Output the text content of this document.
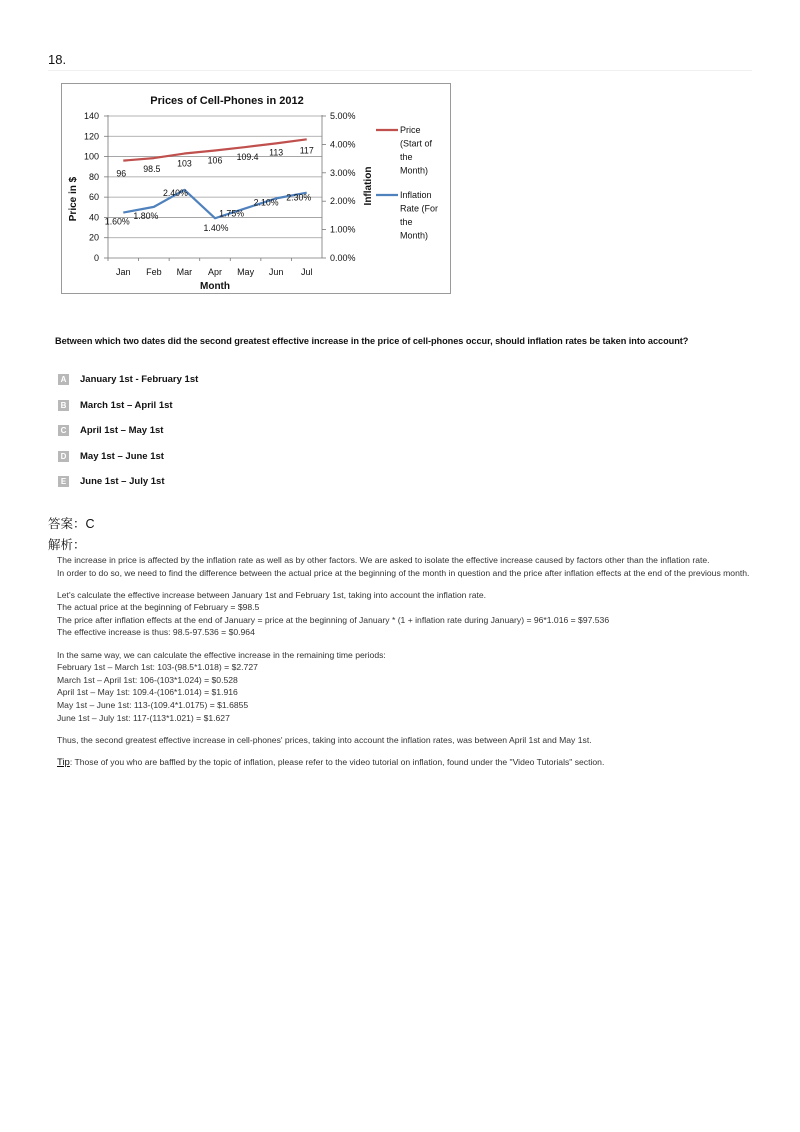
18.
Prices of Cell-Phones in 2012
0
20
40
60
80
100
120
140
0.00%
1.00%
2.00%
3.00%
4.00%
5.00%
Jan Feb Mar Apr May Jun Jul
Month
Price in $	Inflation
96 98.5
103 106 109.4 113 117
1.60%
1.80%
2.40%
1.40%
1.75%
2.10% 2.30%
Price
(Start of
the
Month)
Inflation
Rate (For
the
Month)
Between which two dates did the second greatest effective increase in the price of cell-phones occur, should inflation rates be taken into account?
A January 1st - February 1st
B March 1st – April 1st
C April 1st – May 1st
D May 1st – June 1st
E June 1st – July 1st
答案：C
解析：

The increase in price is affected by the inflation rate as well as by other factors. We are asked to isolate the effective increase caused by factors other than the inflation rate.
In order to do so, we need to find the difference between the actual price at the beginning of the month in question and the price after inflation effects at the end of the previous month.

Let's calculate the effective increase between January 1st and February 1st, taking into account the inflation rate.
The actual price at the beginning of February = $98.5
The price after inflation effects at the end of January = price at the beginning of January * (1 + inflation rate during January) = 96*1.016 = $97.536
The effective increase is thus: 98.5-97.536 = $0.964

In the same way, we can calculate the effective increase in the remaining time periods:
February 1st – March 1st: 103-(98.5*1.018) = $2.727
March 1st – April 1st: 106-(103*1.024) = $0.528
April 1st – May 1st: 109.4-(106*1.014) = $1.916
May 1st – June 1st: 113-(109.4*1.0175) = $1.6855
June 1st – July 1st: 117-(113*1.021) = $1.627

Thus, the second greatest effective increase in cell-phones' prices, taking into account the inflation rates, was between April 1st and May 1st.

Tip: Those of you who are baffled by the topic of inflation, please refer to the video tutorial on inflation, found under the "Video Tutorials" section.
